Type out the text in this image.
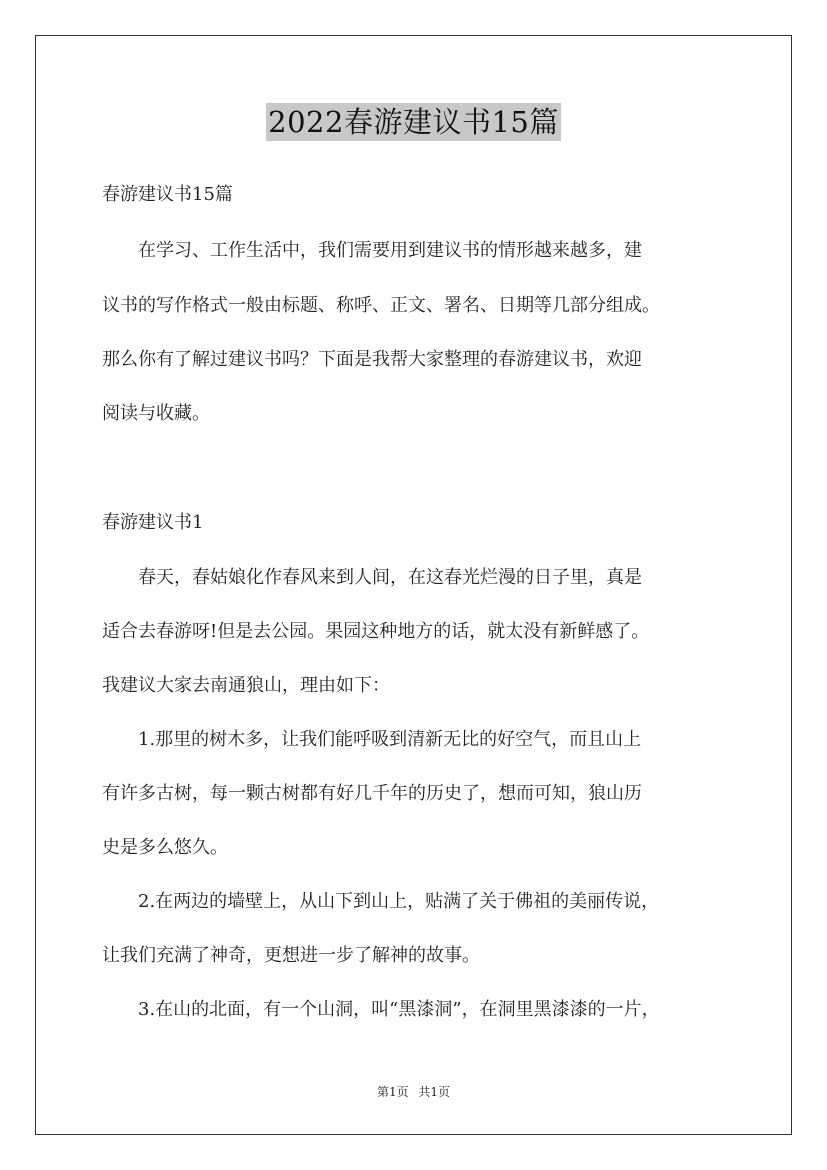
2022春游建议书15篇
春游建议书15篇
　　在学习、工作生活中，我们需要用到建议书的情形越来越多，建
议书的写作格式一般由标题、称呼、正文、署名、日期等几部分组成。
那么你有了解过建议书吗？下面是我帮大家整理的春游建议书，欢迎
阅读与收藏。
春游建议书1
　　春天，春姑娘化作春风来到人间，在这春光烂漫的日子里，真是
适合去春游呀!但是去公园。果园这种地方的话，就太没有新鲜感了。
我建议大家去南通狼山，理由如下：
　　1.那里的树木多，让我们能呼吸到清新无比的好空气，而且山上
有许多古树，每一颗古树都有好几千年的历史了，想而可知，狼山历
史是多么悠久。
　　2.在两边的墙壁上，从山下到山上，贴满了关于佛祖的美丽传说，
让我们充满了神奇，更想进一步了解神的故事。
　　3.在山的北面，有一个山洞，叫“黑漆洞”，在洞里黑漆漆的一片，
第1页 共1页
